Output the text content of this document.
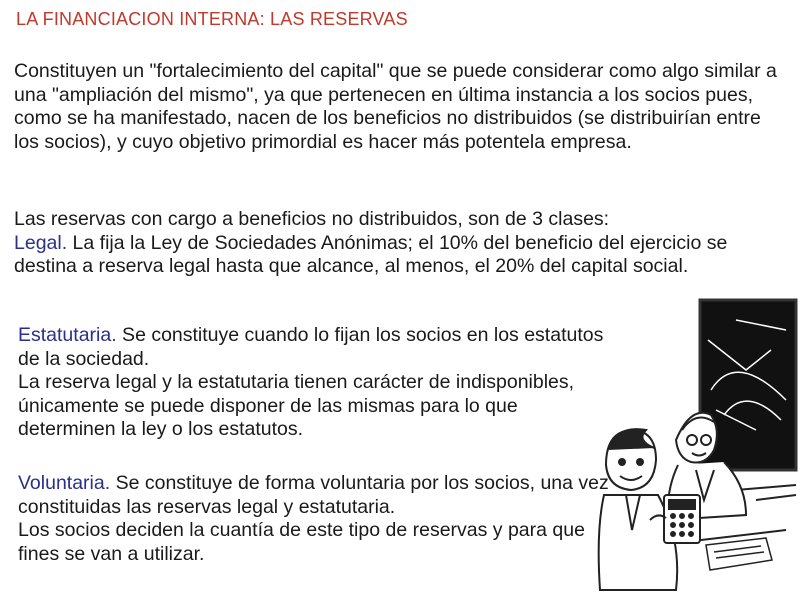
LA FINANCIACION INTERNA: LAS RESERVAS

Constituyen un "fortalecimiento del capital" que se puede considerar como algo similar a una "ampliación del mismo", ya que pertenecen en última instancia a los socios pues, como se ha manifestado, nacen de los beneficios no distribuidos (se distribuirían entre los socios), y cuyo objetivo primordial es hacer más potentela empresa.

Las reservas con cargo a beneficios no distribuidos, son de 3 clases:
Legal. La fija la Ley de Sociedades Anónimas; el 10% del beneficio del ejercicio se destina a reserva legal hasta que alcance, al menos, el 20% del capital social.

Estatutaria. Se constituye cuando lo fijan los socios en los estatutos de la sociedad.
La reserva legal y la estatutaria tienen carácter de indisponibles, únicamente se puede disponer de las mismas para lo que determinen la ley o los estatutos.

Voluntaria. Se constituye de forma voluntaria por los socios, una vez constituidas las reservas legal y estatutaria.
Los socios deciden la cuantía de este tipo de reservas y para que fines se van a utilizar.
